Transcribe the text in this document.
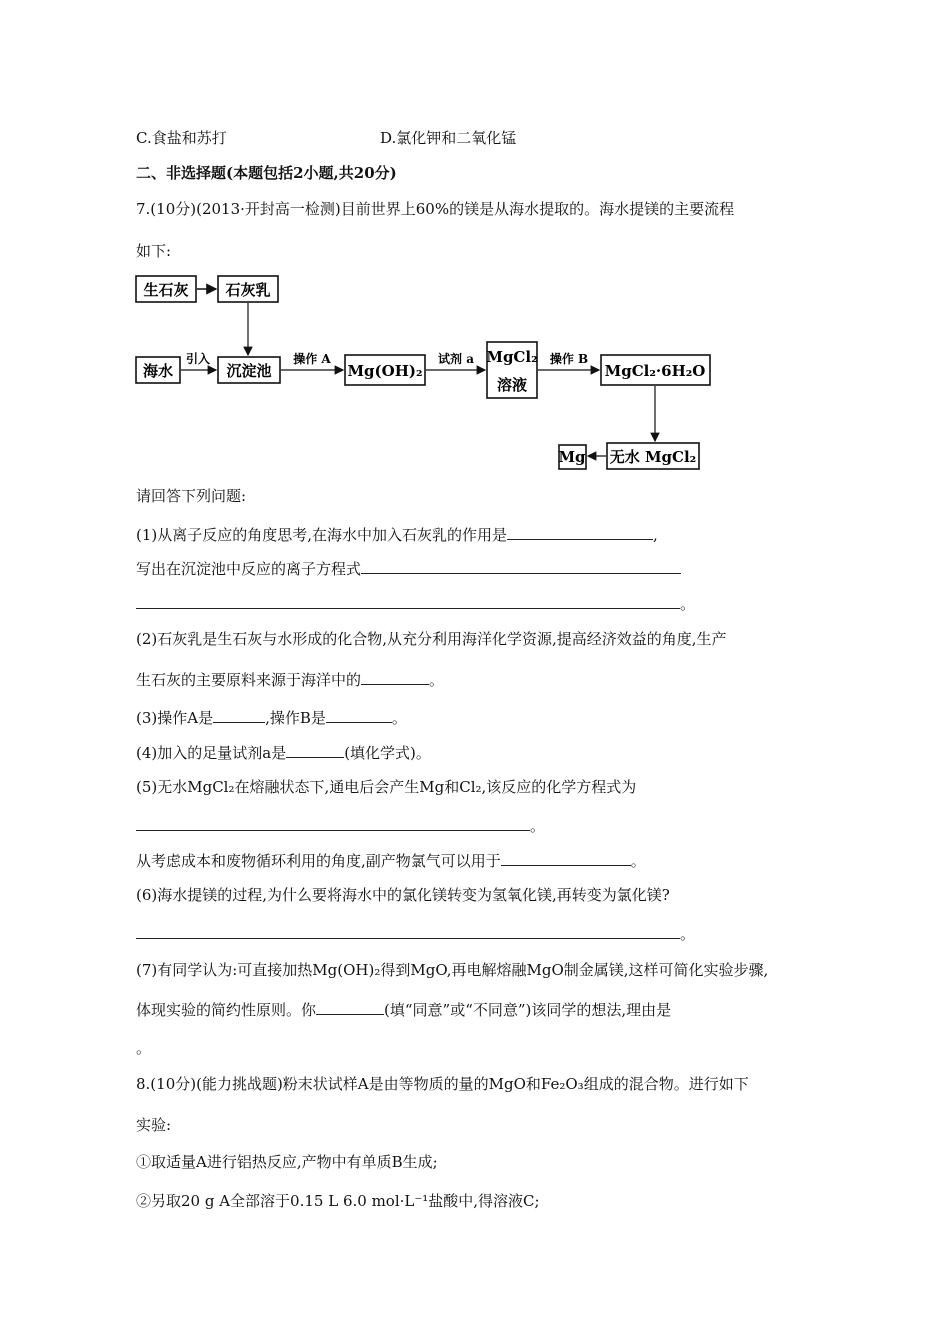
C.食盐和苏打	D.氯化钾和二氧化锰
二、非选择题(本题包括2小题,共20分)
7.(10分)(2013·开封高一检测)目前世界上60%的镁是从海水提取的。海水提镁的主要流程
如下:
生石灰 石灰乳
海水	沉淀池	Mg(OH)₂
MgCl₂
溶液
MgCl₂·6H₂O
无水 MgCl₂
Mg
引入	操作 A	试剂 a	操作 B
请回答下列问题:
(1)从离子反应的角度思考,在海水中加入石灰乳的作用是	,
写出在沉淀池中反应的离子方程式
。
(2)石灰乳是生石灰与水形成的化合物,从充分利用海洋化学资源,提高经济效益的角度,生产
生石灰的主要原料来源于海洋中的	。
(3)操作A是	,操作B是	。
(4)加入的足量试剂a是	(填化学式)。
(5)无水MgCl₂在熔融状态下,通电后会产生Mg和Cl₂,该反应的化学方程式为
。
从考虑成本和废物循环利用的角度,副产物氯气可以用于	。
(6)海水提镁的过程,为什么要将海水中的氯化镁转变为氢氧化镁,再转变为氯化镁?
。
(7)有同学认为:可直接加热Mg(OH)₂得到MgO,再电解熔融MgO制金属镁,这样可简化实验步骤,
体现实验的简约性原则。你	(填“同意”或“不同意”)该同学的想法,理由是
。
8.(10分)(能力挑战题)粉末状试样A是由等物质的量的MgO和Fe₂O₃组成的混合物。进行如下
实验:
①取适量A进行铝热反应,产物中有单质B生成;
②另取20 g A全部溶于0.15 L 6.0 mol·L⁻¹盐酸中,得溶液C;
